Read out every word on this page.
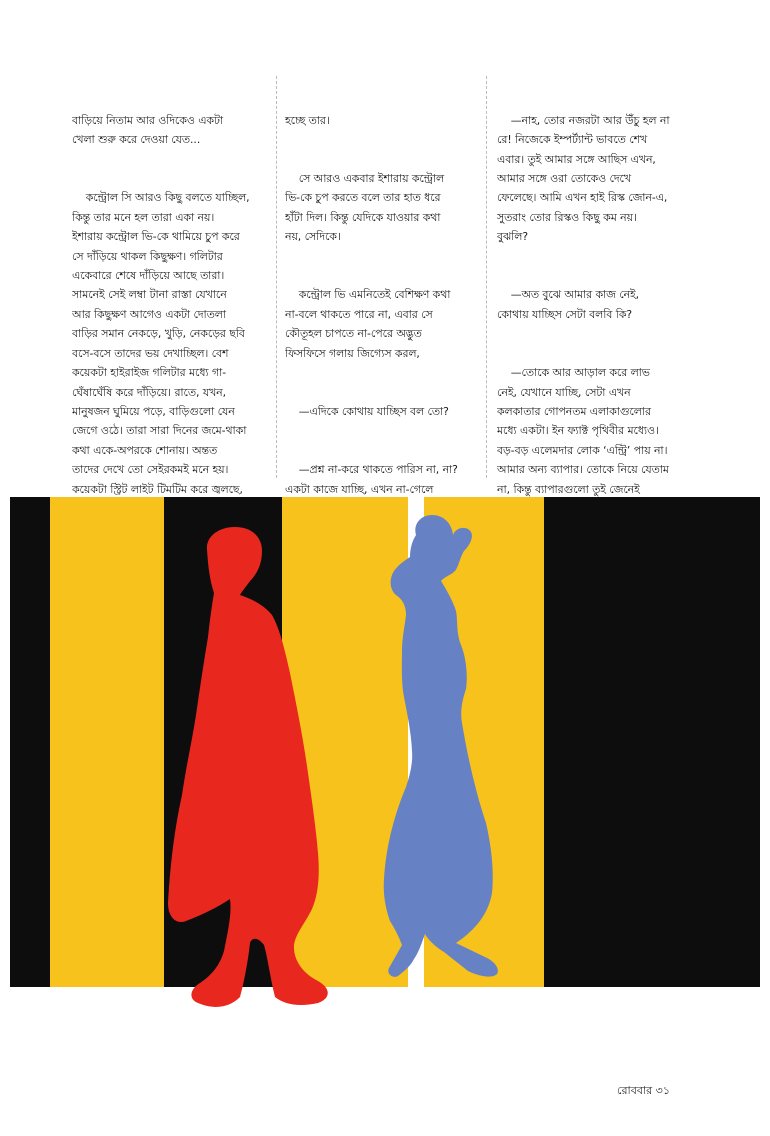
বাড়িয়ে নিতাম আর ওদিকেও একটা
খেলা শুরু করে দেওয়া যেত...

কন্ট্রোল সি আরও কিছু বলতে যাচ্ছিল,
কিন্তু তার মনে হল তারা একা নয়।
ইশারায় কন্ট্রোল ভি-কে থামিয়ে চুপ করে
সে দাঁড়িয়ে থাকল কিছুক্ষণ। গলিটার
একেবারে শেষে দাঁড়িয়ে আছে তারা।
সামনেই সেই লম্বা টানা রাস্তা যেখানে
আর কিছুক্ষণ আগেও একটা দোতলা
বাড়ির সমান নেকড়ে, খুড়ি, নেকড়ের ছবি
বসে-বসে তাদের ভয় দেখাচ্ছিল। বেশ
কয়েকটা হাইরাইজ গলিটার মধ্যে গা-
ঘেঁষাঘেঁষি করে দাঁড়িয়ে। রাতে, যখন,
মানুষজন ঘুমিয়ে পড়ে, বাড়িগুলো যেন
জেগে ওঠে। তারা সারা দিনের জমে-থাকা
কথা একে-অপরকে শোনায়। অন্তত
তাদের দেখে তো সেইরকমই মনে হয়।
কয়েকটা স্ট্রিট লাইট টিমটিম করে জ্বলছে,

হচ্ছে তার।

সে আরও একবার ইশারায় কন্ট্রোল
ভি-কে চুপ করতে বলে তার হাত ধরে
হাঁটা দিল। কিন্তু যেদিকে যাওয়ার কথা
নয়, সেদিকে।

কন্ট্রোল ভি এমনিতেই বেশিক্ষণ কথা
না-বলে থাকতে পারে না, এবার সে
কৌতূহল চাপতে না-পেরে অদ্ভুত
ফিসফিসে গলায় জিগ্যেস করল,

—এদিকে কোথায় যাচ্ছিস বল তো?

—প্রশ্ন না-করে থাকতে পারিস না, না?
একটা কাজে যাচ্ছি, এখন না-গেলে

—নাহ, তোর নজরটা আর উঁচু হল না
রে! নিজেকে ইম্পর্ট্যান্ট ভাবতে শেখ
এবার। তুই আমার সঙ্গে আছিস এখন,
আমার সঙ্গে ওরা তোকেও দেখে
ফেলেছে। আমি এখন হাই রিস্ক জোন-এ,
সুতরাং তোর রিস্কও কিছু কম নয়।
বুঝলি?

—অত বুঝে আমার কাজ নেই,
কোথায় যাচ্ছিস সেটা বলবি কি?

—তোকে আর আড়াল করে লাভ
নেই, যেখানে যাচ্ছি, সেটা এখন
কলকাতার গোপনতম এলাকাগুলোর
মধ্যে একটা। ইন ফ্যাক্ট পৃথিবীর মধ্যেও।
বড়-বড় এলেমদার লোক ‘এন্ট্রি’ পায় না।
আমার অন্য ব্যাপার। তোকে নিয়ে যেতাম
না, কিন্তু ব্যাপারগুলো তুই জেনেই

রোববার ৩১
